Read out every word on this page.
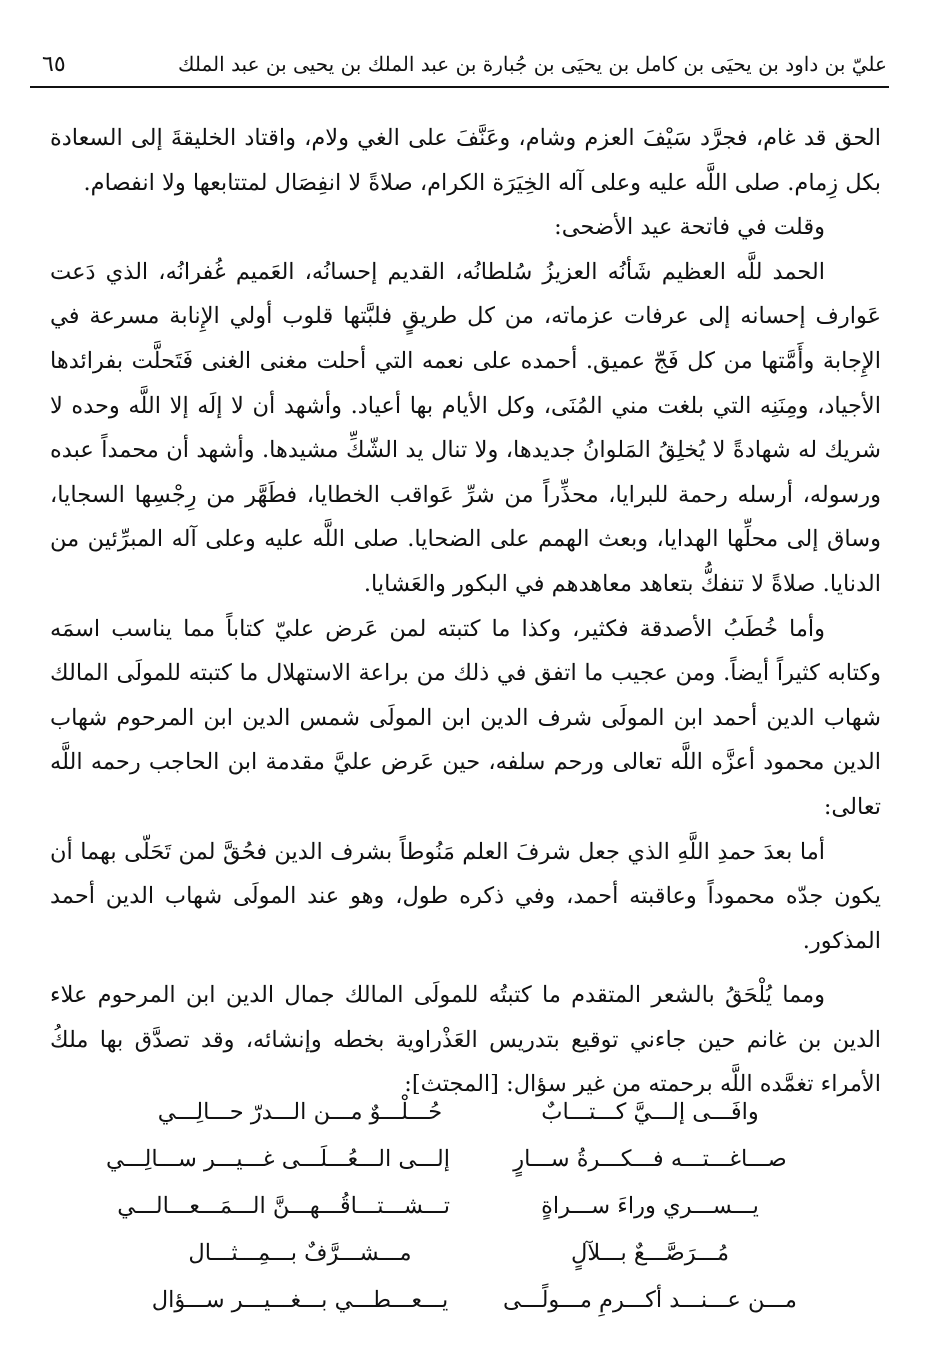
عليّ بن داود بن يحيَى بن كامل بن يحيَى بن جُبارة بن عبد الملك بن يحيى بن عبد الملك
٦٥

الحق قد غام، فجرَّد سَيْفَ العزم وشام، وعَنَّفَ على الغي ولام، واقتاد الخليقةَ إلى السعادة بكل زِمام. صلى اللَّه عليه وعلى آله الخِيَرَة الكرام، صلاةً لا انفِصَال لمتتابعها ولا انفصام.

وقلت في فاتحة عيد الأضحى:

الحمد للَّه العظيم شَأنُه العزيزُ سُلطانُه، القديم إحسانُه، العَميم غُفرانُه، الذي دَعت عَوارف إحسانه إلى عرفات عزماته، من كل طريقٍ فلبَّتها قلوب أولي الإِنابة مسرعة في الإِجابة وأَمَّتها من كل فَجّ عميق. أحمده على نعمه التي أحلت مغنى الغنى فَتَحلَّت بفرائدها الأجياد، ومِنَنِه التي بلغت مني المُنَى، وكل الأيام بها أعياد. وأشهد أن لا إلَه إلا اللَّه وحده لا شريك له شهادةً لا يُخلِقُ المَلوانُ جديدها، ولا تنال يد الشّكِّ مشيدها. وأشهد أن محمداً عبده ورسوله، أرسله رحمة للبرايا، محذِّراً من شرِّ عَواقب الخطايا، فطَهَّر من رِجْسِها السجايا، وساق إلى محلِّها الهدايا، وبعث الهمم على الضحايا. صلى اللَّه عليه وعلى آله المبرِّئين من الدنايا. صلاةً لا تنفكُّ بتعاهد معاهدهم في البكور والعَشايا.

وأما خُطَبُ الأصدقة فكثير، وكذا ما كتبته لمن عَرض عليّ كتاباً مما يناسب اسمَه وكتابه كثيراً أيضاً. ومن عجيب ما اتفق في ذلك من براعة الاستهلال ما كتبته للمولَى المالك شهاب الدين أحمد ابن المولَى شرف الدين ابن المولَى شمس الدين ابن المرحوم شهاب الدين محمود أعزَّه اللَّه تعالى ورحم سلفه، حين عَرض عليَّ مقدمة ابن الحاجب رحمه اللَّه تعالى:

أما بعدَ حمدِ اللَّهِ الذي جعل شرفَ العلم مَنُوطاً بشرف الدين فحُقَّ لمن تَحَلّى بهما أن يكون جدّه محموداً وعاقبته أحمد، وفي ذكره طول، وهو عند المولَى شهاب الدين أحمد المذكور.

ومما يُلْحَقُ بالشعر المتقدم ما كتبتُه للمولَى المالك جمال الدين ابن المرحوم علاء الدين بن غانم حين جاءني توقيع بتدريس العَذْراوية بخطه وإنشائه، وقد تصدَّق بها ملكُ الأمراء تغمَّده اللَّه برحمته من غير سؤال: [المجتث]:

وافَـــى إلـــيَّ كـــتـــابٌ
حُـــلْـــوٌ مـــن الـــدرّ حـــالِـــي
صـــاغـــتـــه فـــكـــرةُ ســـارٍ
إلـــى الـــعُـــلَـــى غـــيـــر ســـالِـــي
يـــســـري وراءَ ســـراةٍ
تـــشـــتـــاقُـــهـــنَّ الـــمَـــعـــالـــي
مُـــرَصَّـــعٌ بـــلآلٍ
مـــشـــرَّفٌ بـــمِـــثـــال
مـــن عـــنـــد أكـــرمِ مـــولًـــى
يـــعـــطـــي بـــغـــيـــر ســـؤال
